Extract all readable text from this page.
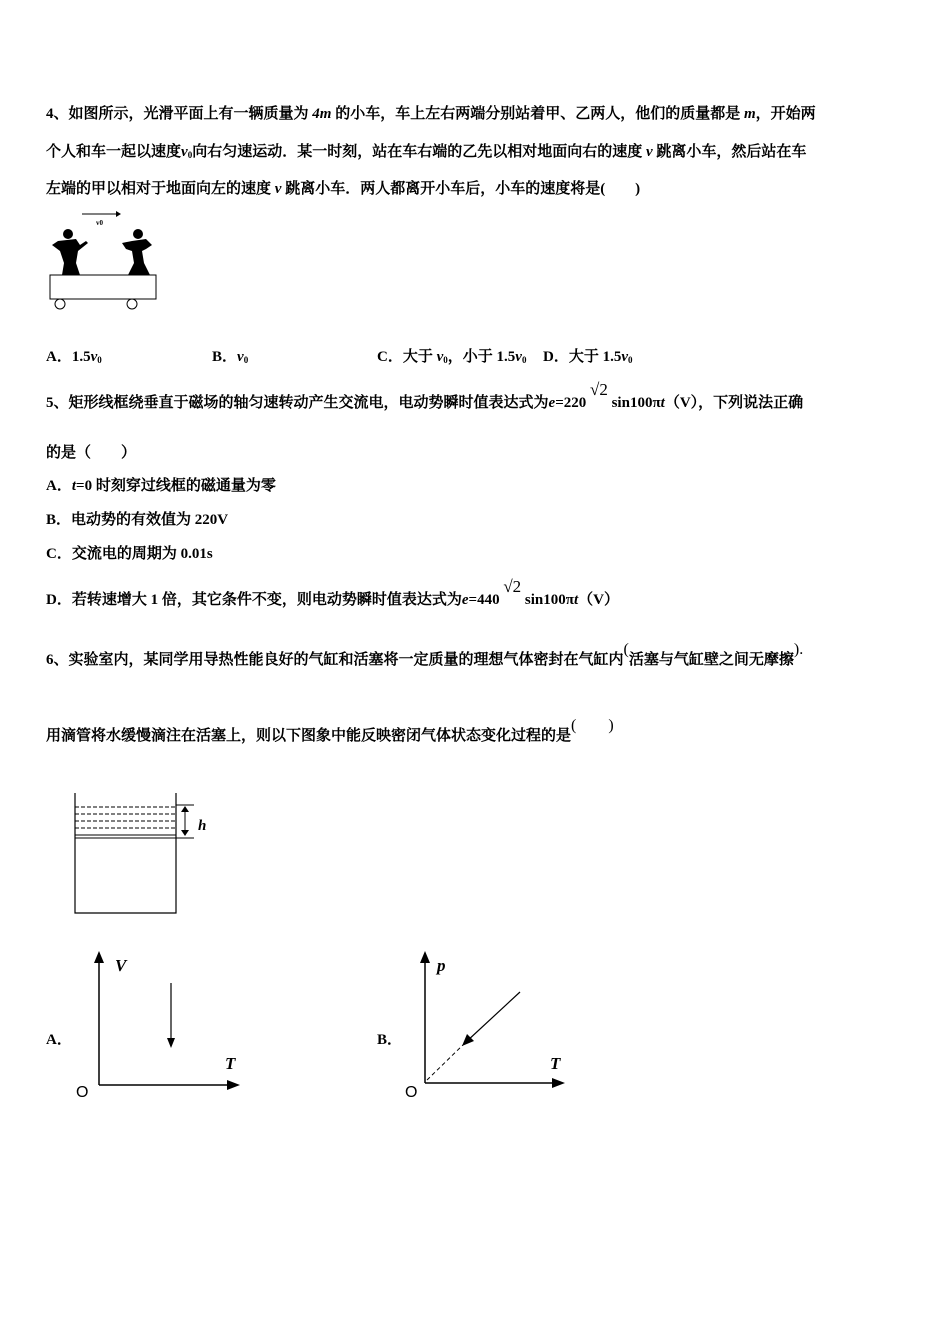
4、如图所示，光滑平面上有一辆质量为 4m 的小车，车上左右两端分别站着甲、乙两人，他们的质量都是 m，开始两
个人和车一起以速度$v_0$向右匀速运动．某一时刻，站在车右端的乙先以相对地面向右的速度 v 跳离小车，然后站在车
左端的甲以相对于地面向左的速度 v 跳离小车．两人都离开小车后，小车的速度将是(　　)
v0
A．$1.5v_0$	B．$v_0$	C．大于 $v_0$，小于 $1.5v_0$ D．大于 $1.5v_0$
5、矩形线框绕垂直于磁场的轴匀速转动产生交流电，电动势瞬时值表达式为e=220 √2 sin100πt（V），下列说法正确
的是（　　）
A．t=0 时刻穿过线框的磁通量为零
B．电动势的有效值为 220V
C．交流电的周期为 0.01s
D．若转速增大 1 倍，其它条件不变，则电动势瞬时值表达式为e=440 √2 sin100πt（V）
6、实验室内，某同学用导热性能良好的气缸和活塞将一定质量的理想气体密封在气缸内(活塞与气缸壁之间无摩擦).
用滴管将水缓慢滴注在活塞上，则以下图象中能反映密闭气体状态变化过程的是(　　)
h
A．
V
T
O
B．
p
T
O
